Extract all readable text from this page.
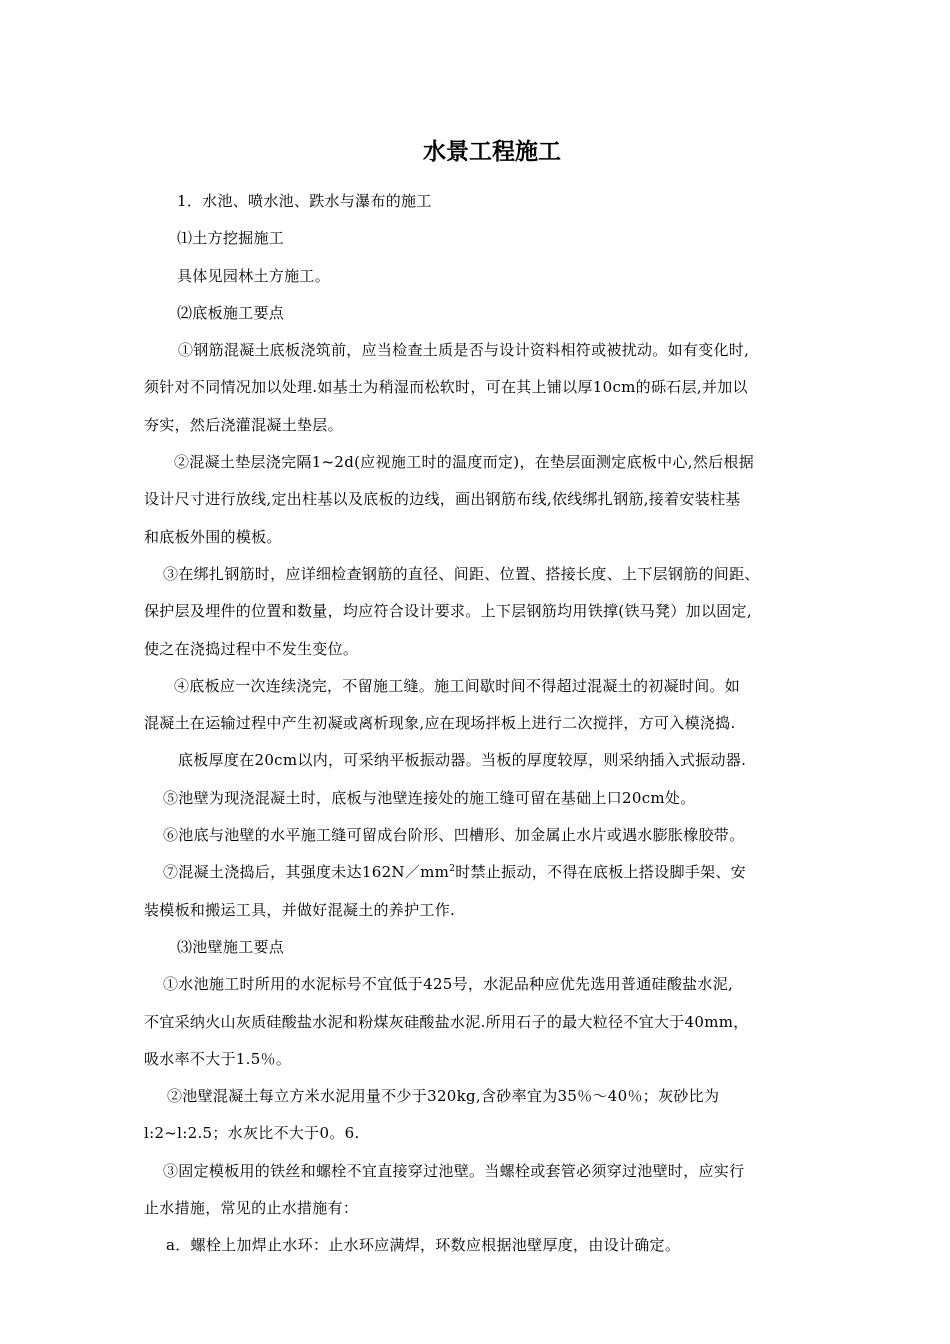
水景工程施工

1．水池、喷水池、跌水与瀑布的施工

⑴土方挖掘施工

具体见园林土方施工。

⑵底板施工要点

①钢筋混凝土底板浇筑前，应当检查土质是否与设计资料相符或被扰动。如有变化时,

须针对不同情况加以处理.如基土为稍湿而松软时，可在其上铺以厚10cm的砾石层,并加以

夯实，然后浇灌混凝土垫层。

②混凝土垫层浇完隔1~2d(应视施工时的温度而定)，在垫层面测定底板中心,然后根据

设计尺寸进行放线,定出柱基以及底板的边线，画出钢筋布线,依线绑扎钢筋,接着安装柱基

和底板外围的模板。

③在绑扎钢筋时，应详细检查钢筋的直径、间距、位置、搭接长度、上下层钢筋的间距、

保护层及埋件的位置和数量，均应符合设计要求。上下层钢筋均用铁撑(铁马凳）加以固定,

使之在浇捣过程中不发生变位。

④底板应一次连续浇完，不留施工缝。施工间歇时间不得超过混凝土的初凝时间。如

混凝土在运输过程中产生初凝或离析现象,应在现场拌板上进行二次搅拌，方可入模浇捣.

底板厚度在20cm以内，可采纳平板振动器。当板的厚度较厚，则采纳插入式振动器.

⑤池壁为现浇混凝土时，底板与池壁连接处的施工缝可留在基础上口20cm处。

⑥池底与池壁的水平施工缝可留成台阶形、凹槽形、加金属止水片或遇水膨胀橡胶带。

⑦混凝土浇捣后，其强度未达$162N/mm^2$时禁止振动，不得在底板上搭设脚手架、安

装模板和搬运工具，并做好混凝土的养护工作.

⑶池壁施工要点

①水池施工时所用的水泥标号不宜低于425号，水泥品种应优先选用普通硅酸盐水泥,

不宜采纳火山灰质硅酸盐水泥和粉煤灰硅酸盐水泥.所用石子的最大粒径不宜大于40mm，

吸水率不大于1.5％。

②池壁混凝土每立方米水泥用量不少于320kg,含砂率宜为35％～40％；灰砂比为

l:2~l:2.5；水灰比不大于0。6.

③固定模板用的铁丝和螺栓不宜直接穿过池壁。当螺栓或套管必须穿过池壁时，应实行

止水措施，常见的止水措施有：

a．螺栓上加焊止水环：止水环应满焊，环数应根据池壁厚度，由设计确定。
